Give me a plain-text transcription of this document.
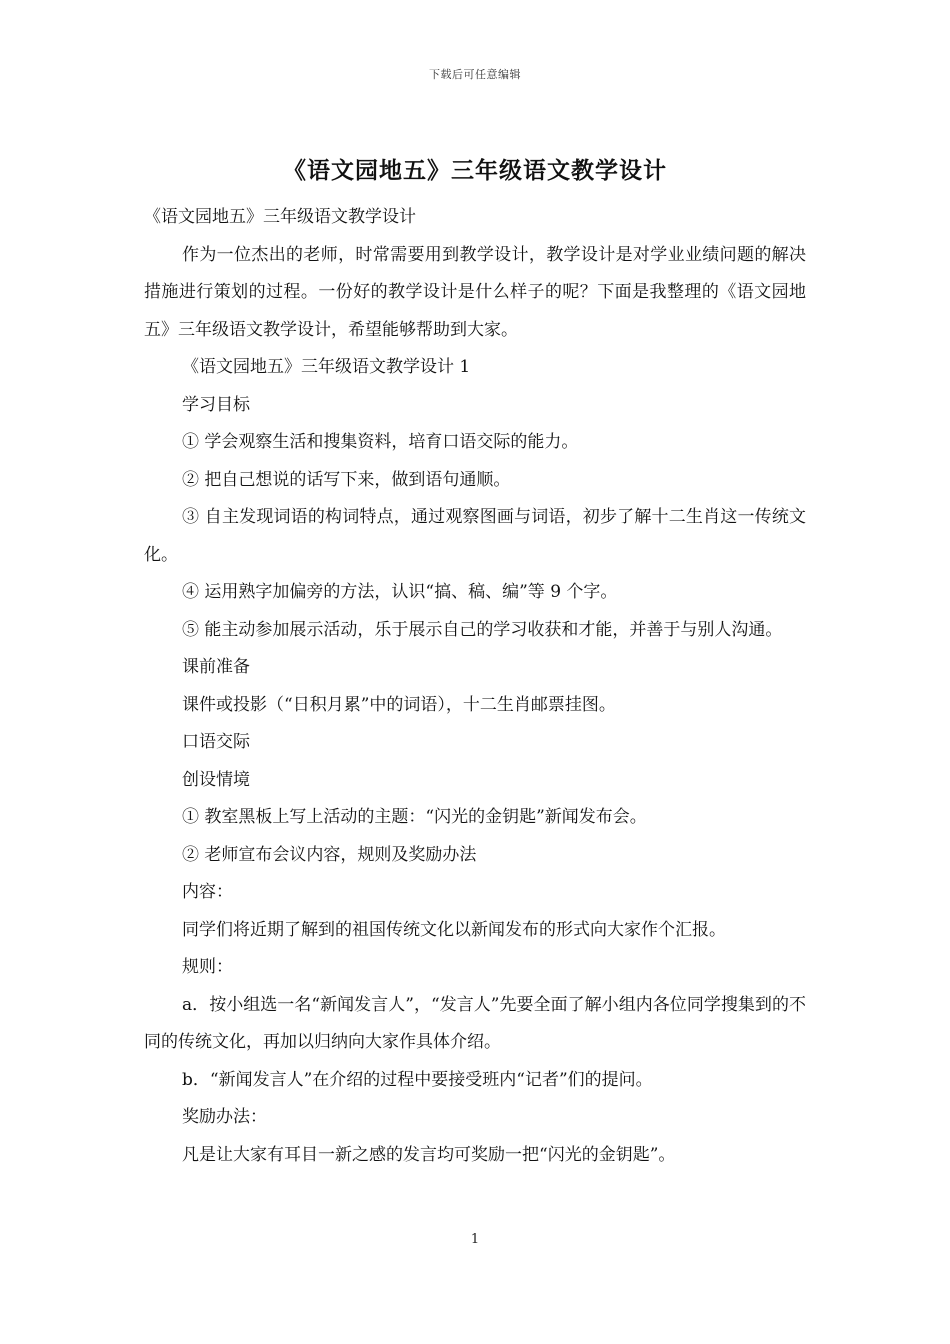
下载后可任意编辑
《语文园地五》三年级语文教学设计

《语文园地五》三年级语文教学设计

作为一位杰出的老师，时常需要用到教学设计，教学设计是对学业业绩问题的解决措施进行策划的过程。一份好的教学设计是什么样子的呢？下面是我整理的《语文园地五》三年级语文教学设计，希望能够帮助到大家。

《语文园地五》三年级语文教学设计 1

学习目标

① 学会观察生活和搜集资料，培育口语交际的能力。

② 把自己想说的话写下来，做到语句通顺。

③ 自主发现词语的构词特点，通过观察图画与词语，初步了解十二生肖这一传统文化。

④ 运用熟字加偏旁的方法，认识“搞、稿、编”等 9 个字。

⑤ 能主动参加展示活动，乐于展示自己的学习收获和才能，并善于与别人沟通。

课前准备

课件或投影（“日积月累”中的词语），十二生肖邮票挂图。

口语交际

创设情境

① 教室黑板上写上活动的主题：“闪光的金钥匙”新闻发布会。

② 老师宣布会议内容，规则及奖励办法

内容：

同学们将近期了解到的祖国传统文化以新闻发布的形式向大家作个汇报。

规则：

a．按小组选一名“新闻发言人”，“发言人”先要全面了解小组内各位同学搜集到的不同的传统文化，再加以归纳向大家作具体介绍。

b．“新闻发言人”在介绍的过程中要接受班内“记者”们的提问。

奖励办法：

凡是让大家有耳目一新之感的发言均可奖励一把“闪光的金钥匙”。

1
